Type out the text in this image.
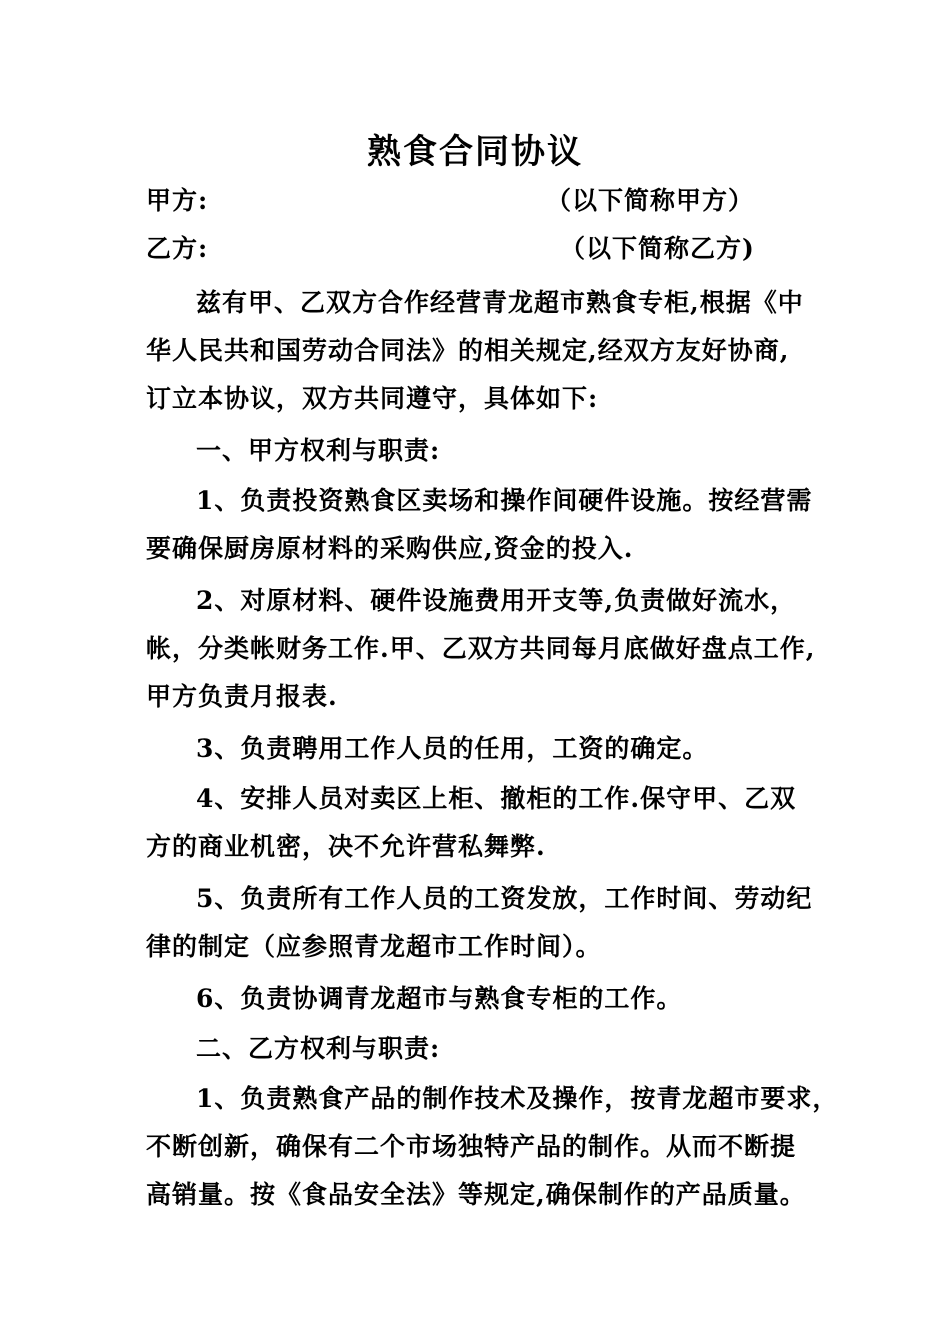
熟食合同协议
甲方:	（以下简称甲方）
乙方:	（以下简称乙方)
兹有甲、乙双方合作经营青龙超市熟食专柜,根据《中
华人民共和国劳动合同法》的相关规定,经双方友好协商,
订立本协议，双方共同遵守，具体如下:
一、甲方权利与职责:
1、负责投资熟食区卖场和操作间硬件设施。按经营需
要确保厨房原材料的采购供应,资金的投入.
2、对原材料、硬件设施费用开支等,负责做好流水，
帐，分类帐财务工作.甲、乙双方共同每月底做好盘点工作,
甲方负责月报表.
3、负责聘用工作人员的任用，工资的确定。
4、安排人员对卖区上柜、撤柜的工作.保守甲、乙双
方的商业机密，决不允许营私舞弊.
5、负责所有工作人员的工资发放，工作时间、劳动纪
律的制定（应参照青龙超市工作时间）。
6、负责协调青龙超市与熟食专柜的工作。
二、乙方权利与职责:
1、负责熟食产品的制作技术及操作，按青龙超市要求，
不断创新，确保有二个市场独特产品的制作。从而不断提
高销量。按《食品安全法》等规定,确保制作的产品质量。
